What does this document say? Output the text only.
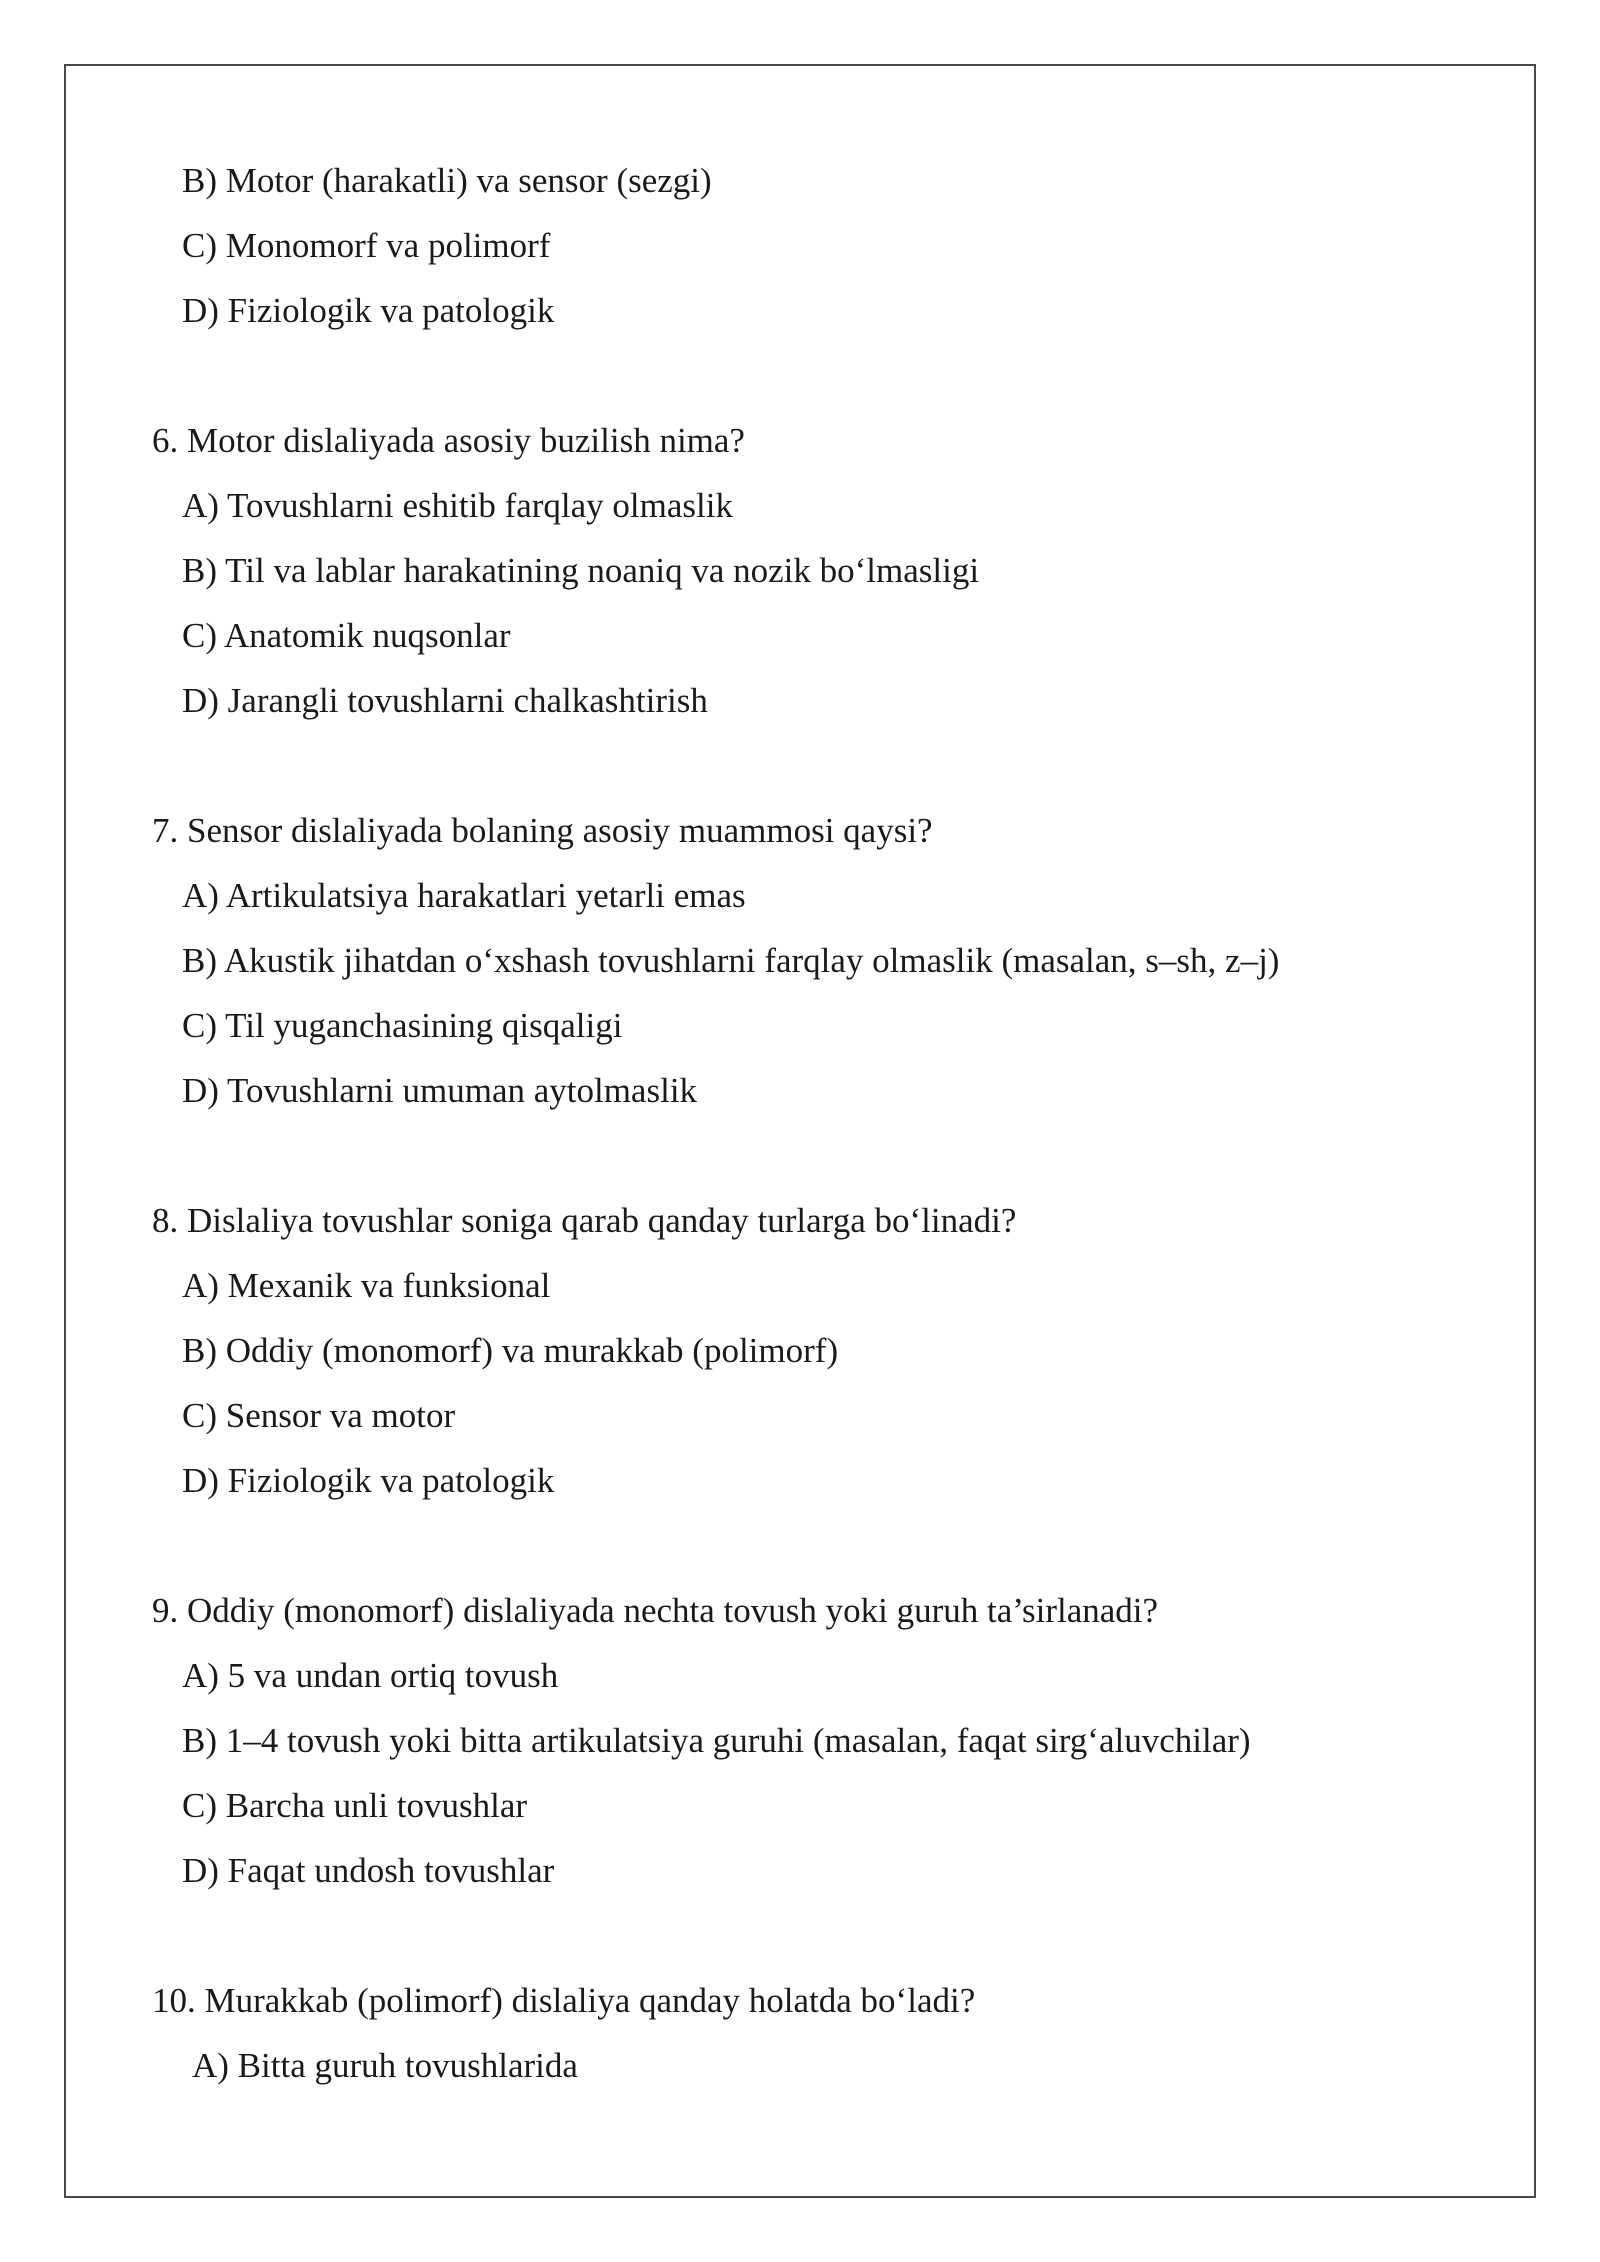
B) Motor (harakatli) va sensor (sezgi)
C) Monomorf va polimorf
D) Fiziologik va patologik
6. Motor dislaliyada asosiy buzilish nima?
A) Tovushlarni eshitib farqlay olmaslik
B) Til va lablar harakatining noaniq va nozik bo‘lmasligi
C) Anatomik nuqsonlar
D) Jarangli tovushlarni chalkashtirish
7. Sensor dislaliyada bolaning asosiy muammosi qaysi?
A) Artikulatsiya harakatlari yetarli emas
B) Akustik jihatdan o‘xshash tovushlarni farqlay olmaslik (masalan, s–sh, z–j)
C) Til yuganchasining qisqaligi
D) Tovushlarni umuman aytolmaslik
8. Dislaliya tovushlar soniga qarab qanday turlarga bo‘linadi?
A) Mexanik va funksional
B) Oddiy (monomorf) va murakkab (polimorf)
C) Sensor va motor
D) Fiziologik va patologik
9. Oddiy (monomorf) dislaliyada nechta tovush yoki guruh ta’sirlanadi?
A) 5 va undan ortiq tovush
B) 1–4 tovush yoki bitta artikulatsiya guruhi (masalan, faqat sirg‘aluvchilar)
C) Barcha unli tovushlar
D) Faqat undosh tovushlar
10. Murakkab (polimorf) dislaliya qanday holatda bo‘ladi?
A) Bitta guruh tovushlarida
